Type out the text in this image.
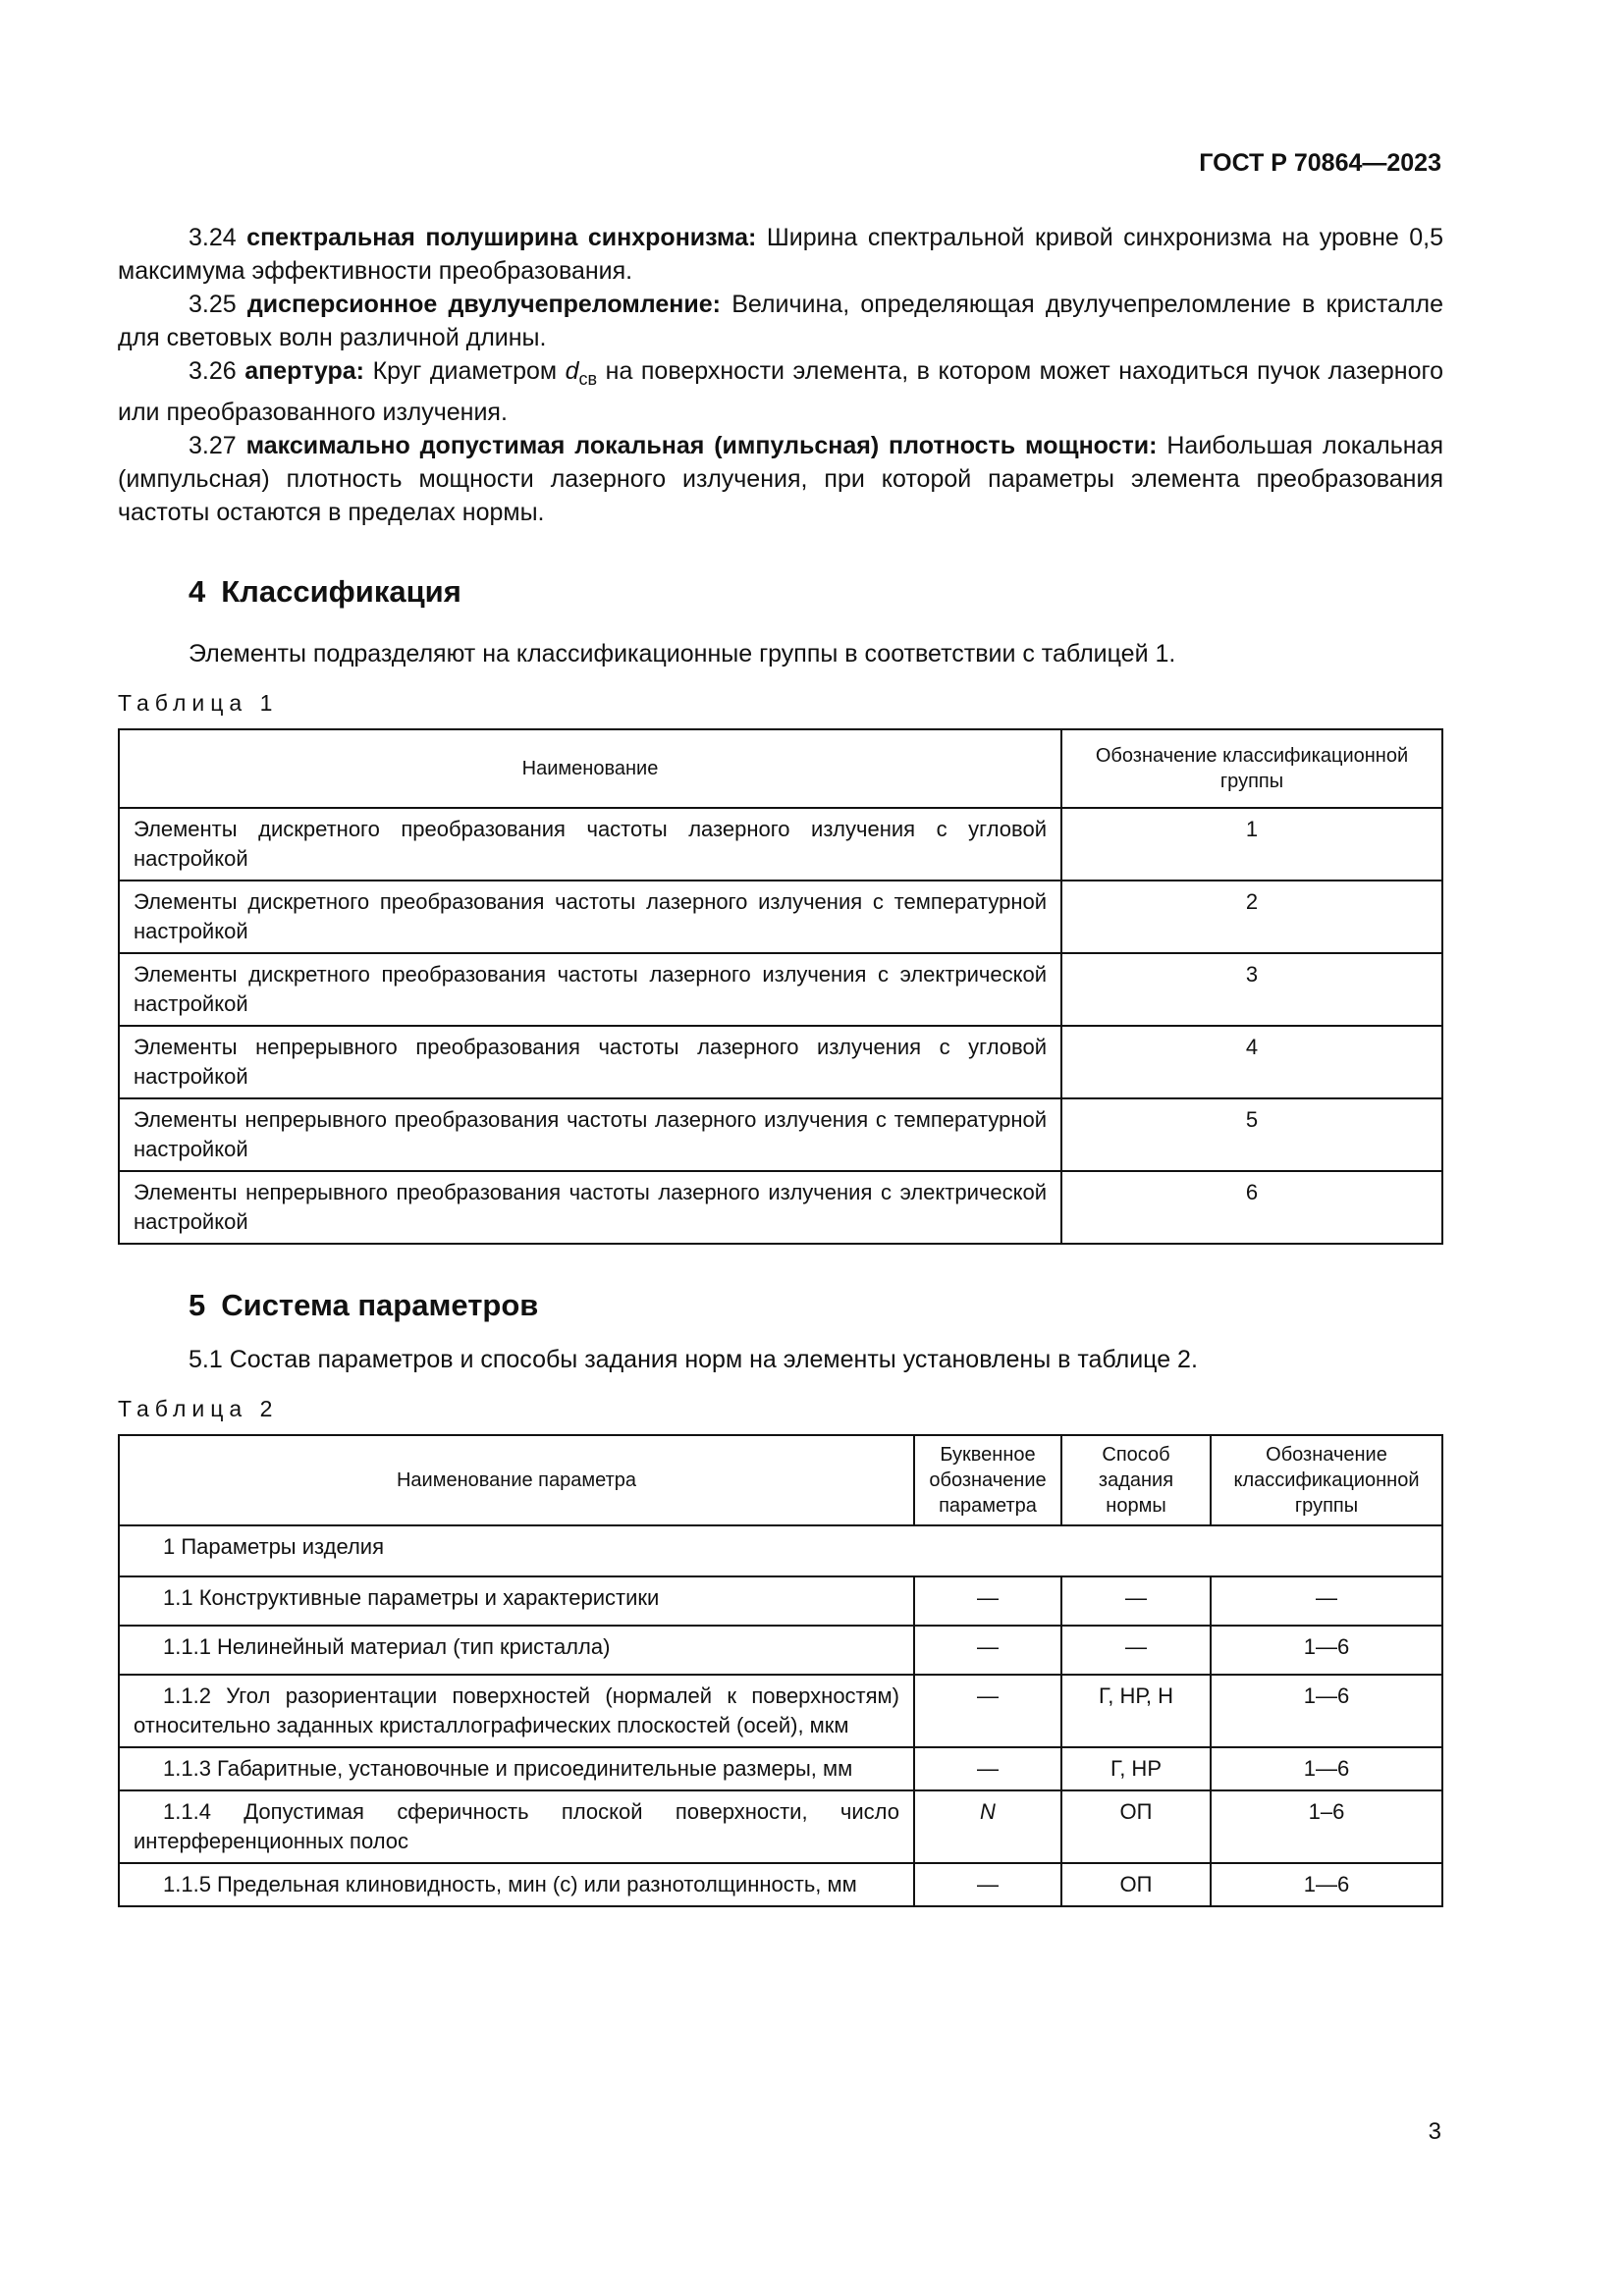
ГОСТ Р 70864—2023

3.24 спектральная полуширина синхронизма: Ширина спектральной кривой синхронизма на уровне 0,5 максимума эффективности преобразования.

3.25 дисперсионное двулучепреломление: Величина, определяющая двулучепреломление в кристалле для световых волн различной длины.

3.26 апертура: Круг диаметром $d_{св}$ на поверхности элемента, в котором может находиться пучок лазерного или преобразованного излучения.

3.27 максимально допустимая локальная (импульсная) плотность мощности: Наибольшая локальная (импульсная) плотность мощности лазерного излучения, при которой параметры элемента преобразования частоты остаются в пределах нормы.

4 Классификация

Элементы подразделяют на классификационные группы в соответствии с таблицей 1.

Таблица 1

Наименование	Обозначение классификационной группы
Элементы дискретного преобразования частоты лазерного излучения с угловой настройкой	1
Элементы дискретного преобразования частоты лазерного излучения с температурной настройкой	2
Элементы дискретного преобразования частоты лазерного излучения с электрической настройкой	3
Элементы непрерывного преобразования частоты лазерного излучения с угловой настройкой	4
Элементы непрерывного преобразования частоты лазерного излучения с температурной настройкой	5
Элементы непрерывного преобразования частоты лазерного излучения с электрической настройкой	6
5 Система параметров

5.1 Состав параметров и способы задания норм на элементы установлены в таблице 2.

Таблица 2

Наименование параметра	Буквенное обозначение параметра	Способ задания нормы	Обозначение классификационной группы
1 Параметры изделия			
1.1 Конструктивные параметры и характеристики	—	—	—
1.1.1 Нелинейный материал (тип кристалла)	—	—	1—6
1.1.2 Угол разориентации поверхностей (нормалей к поверхностям) относительно заданных кристаллографических плоскостей (осей), мкм	—	Г, НР, Н	1—6
1.1.3 Габаритные, установочные и присоединительные размеры, мм	—	Г, НР	1—6
1.1.4 Допустимая сферичность плоской поверхности, число интерференционных полос	N	ОП	1–6
1.1.5 Предельная клиновидность, мин (с) или разнотолщинность, мм	—	ОП	1—6
3
